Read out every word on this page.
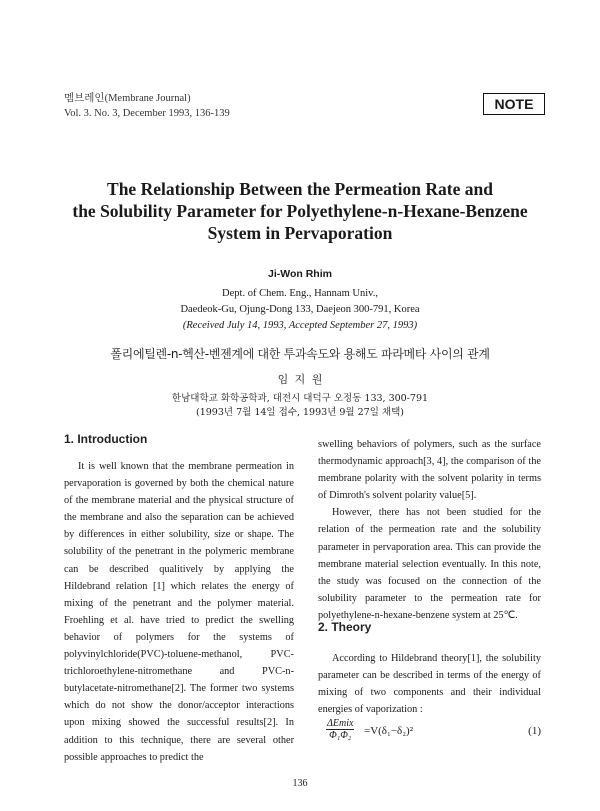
멤브레인(Membrane Journal)
Vol. 3. No. 3, December 1993, 136-139
NOTE
The Relationship Between the Permeation Rate and
the Solubility Parameter for Polyethylene-n-Hexane-Benzene
System in Pervaporation
Ji-Won Rhim
Dept. of Chem. Eng., Hannam Univ.,
Daedeok-Gu, Ojung-Dong 133, Daejeon 300-791, Korea
(Received July 14, 1993, Accepted September 27, 1993)
폴리에틸렌-n-헥산-벤젠계에 대한 투과속도와 용해도 파라메타 사이의 관계
임 지 원
한남대학교 화학공학과, 대전시 대덕구 오정동 133, 300-791
(1993년 7월 14일 접수, 1993년 9월 27일 채택)
1. Introduction

It is well known that the membrane permeation in pervaporation is governed by both the chemical nature of the membrane material and the physical structure of the membrane and also the separation can be achieved by differences in either solubility, size or shape. The solubility of the penetrant in the polymeric membrane can be described qualitively by applying the Hildebrand relation [1] which relates the energy of mixing of the penetrant and the polymer material. Froehling et al. have tried to predict the swelling behavior of polymers for the systems of polyvinylchloride(PVC)-toluene-methanol, PVC-trichloroethylene-nitromethane and PVC-n-butylacetate-nitromethane[2]. The former two systems which do not show the donor/acceptor interactions upon mixing showed the successful results[2]. In addition to this technique, there are several other possible approaches to predict the

swelling behaviors of polymers, such as the surface thermodynamic approach[3, 4], the comparison of the membrane polarity with the solvent polarity in terms of Dimroth's solvent polarity value[5].

However, there has not been studied for the relation of the permeation rate and the solubility parameter in pervaporation area. This can provide the membrane material selection eventually. In this note, the study was focused on the connection of the solubility parameter to the permeation rate for polyethylene-n-hexane-benzene system at 25℃.

2. Theory

According to Hildebrand theory[1], the solubility parameter can be described in terms of the energy of mixing of two components and their individual energies of vaporization :

ΔEmix
Φ₁Φ₂ =V(δ₁−δ₂)²	(1)
136
